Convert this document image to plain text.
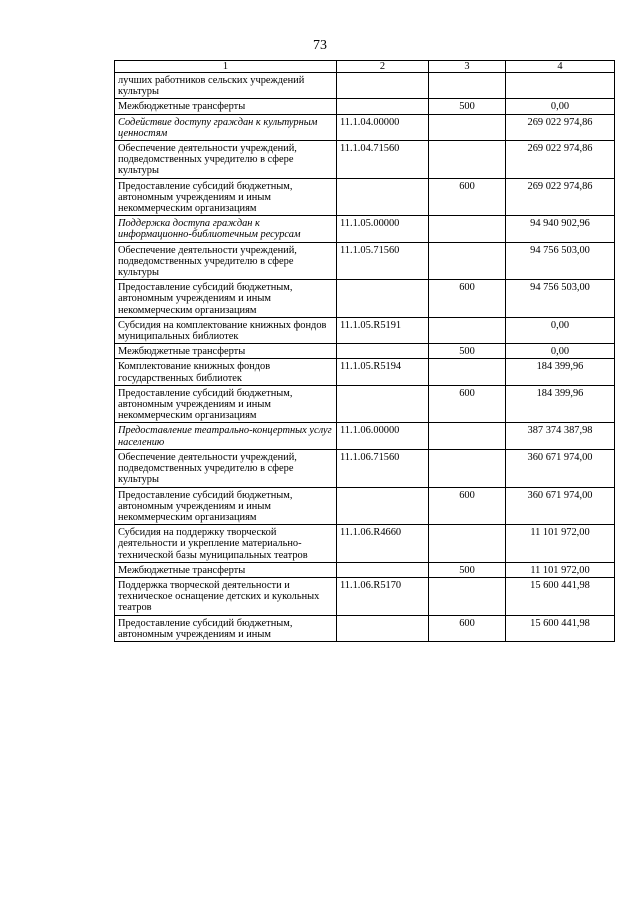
73
1	2	3	4
лучших работников сельских учреждений культуры			
Межбюджетные трансферты		500	0,00
Содействие доступу граждан к культурным ценностям	11.1.04.00000		269 022 974,86
Обеспечение деятельности учреждений, подведомственных учредителю в сфере культуры	11.1.04.71560		269 022 974,86
Предоставление субсидий бюджетным, автономным учреждениям и иным некоммерческим организациям		600	269 022 974,86
Поддержка доступа граждан к информационно-библиотечным ресурсам	11.1.05.00000		94 940 902,96
Обеспечение деятельности учреждений, подведомственных учредителю в сфере культуры	11.1.05.71560		94 756 503,00
Предоставление субсидий бюджетным, автономным учреждениям и иным некоммерческим организациям		600	94 756 503,00
Субсидия на комплектование книжных фондов муниципальных библиотек	11.1.05.R5191		0,00
Межбюджетные трансферты		500	0,00
Комплектование книжных фондов государственных библиотек	11.1.05.R5194		184 399,96
Предоставление субсидий бюджетным, автономным учреждениям и иным некоммерческим организациям		600	184 399,96
Предоставление театрально-концертных услуг населению	11.1.06.00000		387 374 387,98
Обеспечение деятельности учреждений, подведомственных учредителю в сфере культуры	11.1.06.71560		360 671 974,00
Предоставление субсидий бюджетным, автономным учреждениям и иным некоммерческим организациям		600	360 671 974,00
Субсидия на поддержку творческой деятельности и укрепление материально-технической базы муниципальных театров	11.1.06.R4660		11 101 972,00
Межбюджетные трансферты		500	11 101 972,00
Поддержка творческой деятельности и техническое оснащение детских и кукольных театров	11.1.06.R5170		15 600 441,98
Предоставление субсидий бюджетным, автономным учреждениям и иным		600	15 600 441,98
